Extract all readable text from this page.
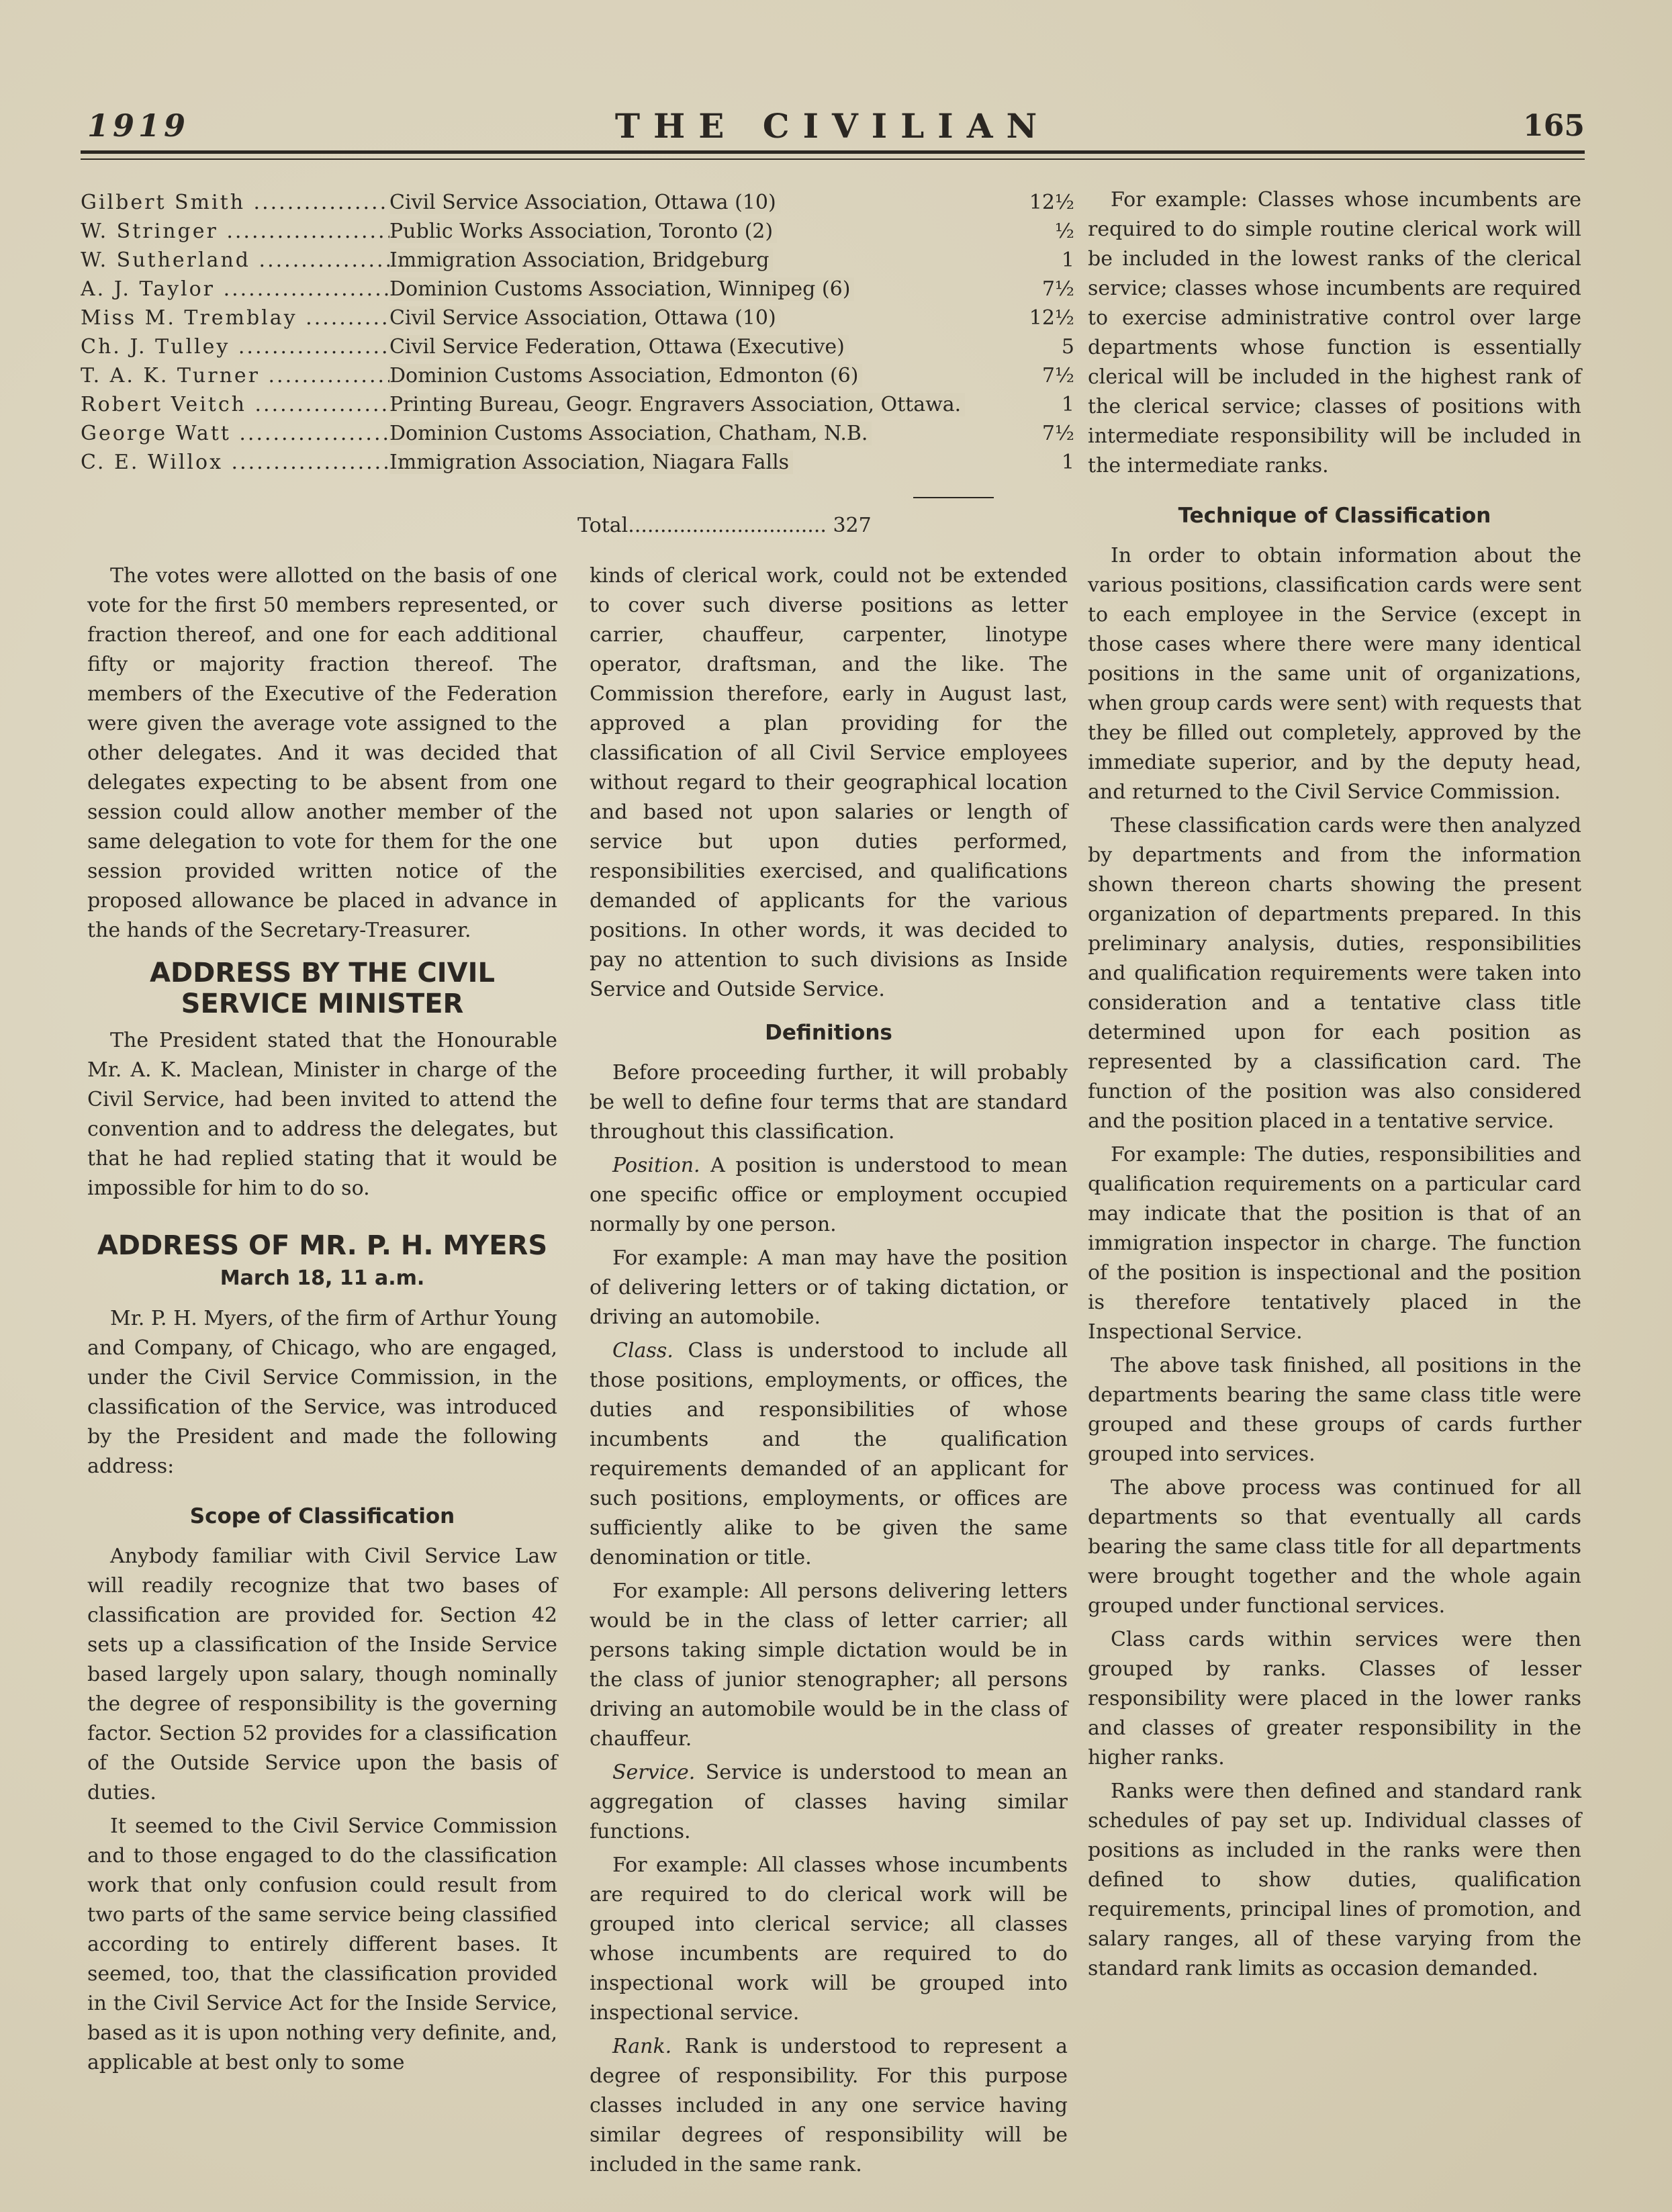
1919	THE CIVILIAN	165
Gilbert Smith .....	Civil Service Association, Ottawa (10)	12½
W. Stringer .....	Public Works Association, Toronto (2)	½
W. Sutherland .....	Immigration Association, Bridgeburg	1
A. J. Taylor .....	Dominion Customs Association, Winnipeg (6)	7½
Miss M. Tremblay .....	Civil Service Association, Ottawa (10)	12½
Ch. J. Tulley .....	Civil Service Federation, Ottawa (Executive)	5
T. A. K. Turner .....	Dominion Customs Association, Edmonton (6)	7½
Robert Veitch .....	Printing Bureau, Geogr. Engravers Association, Ottawa.	1
George Watt .....	Dominion Customs Association, Chatham, N.B.	7½
C. E. Willox .....	Immigration Association, Niagara Falls	1
Total............................... 327

The votes were allotted on the basis of one vote for the first 50 members represented, or fraction thereof, and one for each additional fifty or majority fraction thereof. The members of the Executive of the Federation were given the average vote assigned to the other delegates. And it was decided that delegates expecting to be absent from one session could allow another member of the same delegation to vote for them for the one session provided written notice of the proposed allowance be placed in advance in the hands of the Secretary-Treasurer.

ADDRESS BY THE CIVIL SERVICE MINISTER

The President stated that the Honourable Mr. A. K. Maclean, Minister in charge of the Civil Service, had been invited to attend the convention and to address the delegates, but that he had replied stating that it would be impossible for him to do so.

ADDRESS OF MR. P. H. MYERS
March 18, 11 a.m.

Mr. P. H. Myers, of the firm of Arthur Young and Company, of Chicago, who are engaged, under the Civil Service Commission, in the classification of the Service, was introduced by the President and made the following address:

Scope of Classification

Anybody familiar with Civil Service Law will readily recognize that two bases of classification are provided for. Section 42 sets up a classification of the Inside Service based largely upon salary, though nominally the degree of responsibility is the governing factor. Section 52 provides for a classification of the Outside Service upon the basis of duties.

It seemed to the Civil Service Commission and to those engaged to do the classification work that only confusion could result from two parts of the same service being classified according to entirely different bases. It seemed, too, that the classification provided in the Civil Service Act for the Inside Service, based as it is upon nothing very definite, and, applicable at best only to some

kinds of clerical work, could not be extended to cover such diverse positions as letter carrier, chauffeur, carpenter, linotype operator, draftsman, and the like. The Commission therefore, early in August last, approved a plan providing for the classification of all Civil Service employees without regard to their geographical location and based not upon salaries or length of service but upon duties performed, responsibilities exercised, and qualifications demanded of applicants for the various positions. In other words, it was decided to pay no attention to such divisions as Inside Service and Outside Service.

Definitions

Before proceeding further, it will probably be well to define four terms that are standard throughout this classification.

Position. A position is understood to mean one specific office or employment occupied normally by one person.

For example: A man may have the position of delivering letters or of taking dictation, or driving an automobile.

Class. Class is understood to include all those positions, employments, or offices, the duties and responsibilities of whose incumbents and the qualification requirements demanded of an applicant for such positions, employments, or offices are sufficiently alike to be given the same denomination or title.

For example: All persons delivering letters would be in the class of letter carrier; all persons taking simple dictation would be in the class of junior stenographer; all persons driving an automobile would be in the class of chauffeur.

Service. Service is understood to mean an aggregation of classes having similar functions.

For example: All classes whose incumbents are required to do clerical work will be grouped into clerical service; all classes whose incumbents are required to do inspectional work will be grouped into inspectional service.

Rank. Rank is understood to represent a degree of responsibility. For this purpose classes included in any one service having similar degrees of responsibility will be included in the same rank.

For example: Classes whose incumbents are required to do simple routine clerical work will be included in the lowest ranks of the clerical service; classes whose incumbents are required to exercise administrative control over large departments whose function is essentially clerical will be included in the highest rank of the clerical service; classes of positions with intermediate responsibility will be included in the intermediate ranks.

Technique of Classification

In order to obtain information about the various positions, classification cards were sent to each employee in the Service (except in those cases where there were many identical positions in the same unit of organizations, when group cards were sent) with requests that they be filled out completely, approved by the immediate superior, and by the deputy head, and returned to the Civil Service Commission.

These classification cards were then analyzed by departments and from the information shown thereon charts showing the present organization of departments prepared. In this preliminary analysis, duties, responsibilities and qualification requirements were taken into consideration and a tentative class title determined upon for each position as represented by a classification card. The function of the position was also considered and the position placed in a tentative service.

For example: The duties, responsibilities and qualification requirements on a particular card may indicate that the position is that of an immigration inspector in charge. The function of the position is inspectional and the position is therefore tentatively placed in the Inspectional Service.

The above task finished, all positions in the departments bearing the same class title were grouped and these groups of cards further grouped into services.

The above process was continued for all departments so that eventually all cards bearing the same class title for all departments were brought together and the whole again grouped under functional services.

Class cards within services were then grouped by ranks. Classes of lesser responsibility were placed in the lower ranks and classes of greater responsibility in the higher ranks.

Ranks were then defined and standard rank schedules of pay set up. Individual classes of positions as included in the ranks were then defined to show duties, qualification requirements, principal lines of promotion, and salary ranges, all of these varying from the standard rank limits as occasion demanded.
